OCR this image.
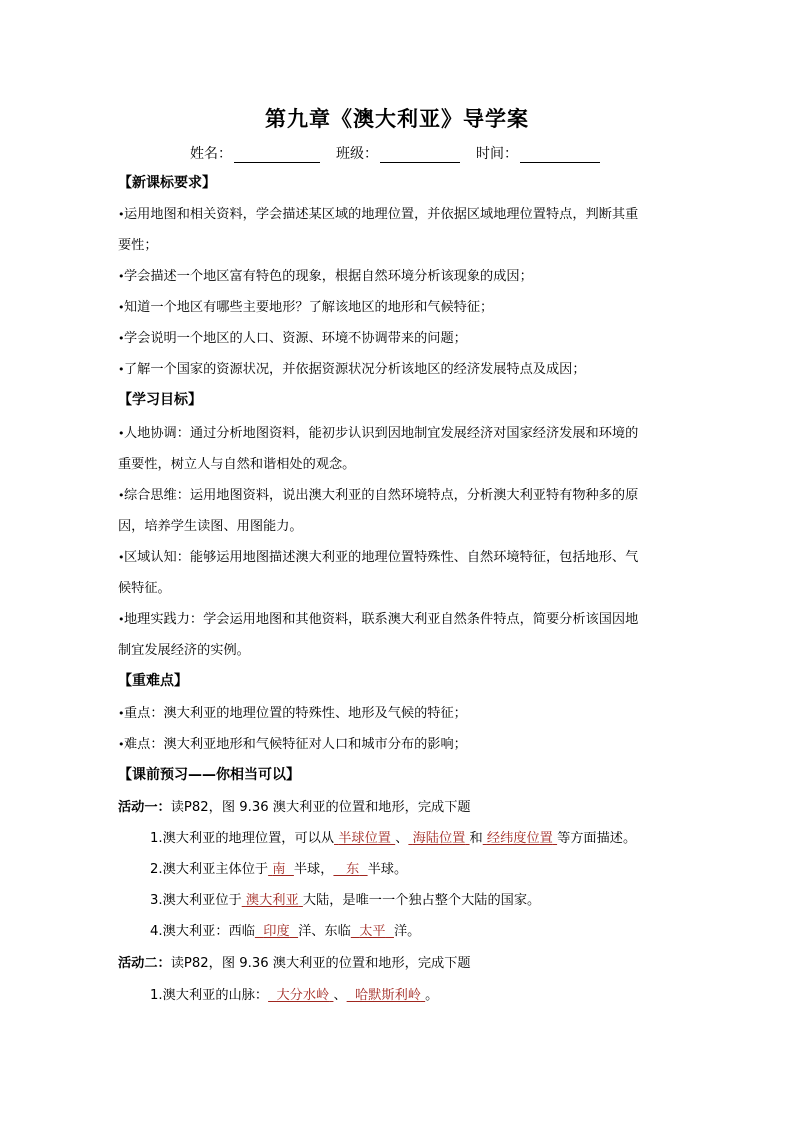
第九章《澳大利亚》导学案
姓名：	班级：	时间：
【新课标要求】
• 运用地图和相关资料，学会描述某区域的地理位置，并依据区域地理位置特点，判断其重
要性；
• 学会描述一个地区富有特色的现象，根据自然环境分析该现象的成因；
• 知道一个地区有哪些主要地形？了解该地区的地形和气候特征；
• 学会说明一个地区的人口、资源、环境不协调带来的问题；
• 了解一个国家的资源状况，并依据资源状况分析该地区的经济发展特点及成因；
【学习目标】
• 人地协调：通过分析地图资料，能初步认识到因地制宜发展经济对国家经济发展和环境的
重要性，树立人与自然和谐相处的观念。
• 综合思维：运用地图资料，说出澳大利亚的自然环境特点，分析澳大利亚特有物种多的原
因，培养学生读图、用图能力。
• 区域认知：能够运用地图描述澳大利亚的地理位置特殊性、自然环境特征，包括地形、气
候特征。
• 地理实践力：学会运用地图和其他资料，联系澳大利亚自然条件特点，简要分析该国因地
制宜发展经济的实例。
【重难点】
• 重点：澳大利亚的地理位置的特殊性、地形及气候的特征；
• 难点：澳大利亚地形和气候特征对人口和城市分布的影响；
【课前预习——你相当可以】
活动一：读P82，图 9.36 澳大利亚的位置和地形，完成下题
1.澳大利亚的地理位置，可以从 半球位置 、 海陆位置 和 经纬度位置 等方面描述。
2.澳大利亚主体位于 南 半球， 东 半球。
3.澳大利亚位于 澳大利亚 大陆，是唯一一个独占整个大陆的国家。
4.澳大利亚：西临 印度 洋、东临 太平 洋。
活动二：读P82，图 9.36 澳大利亚的位置和地形，完成下题
1.澳大利亚的山脉： 大分水岭 、 哈默斯利岭 。
